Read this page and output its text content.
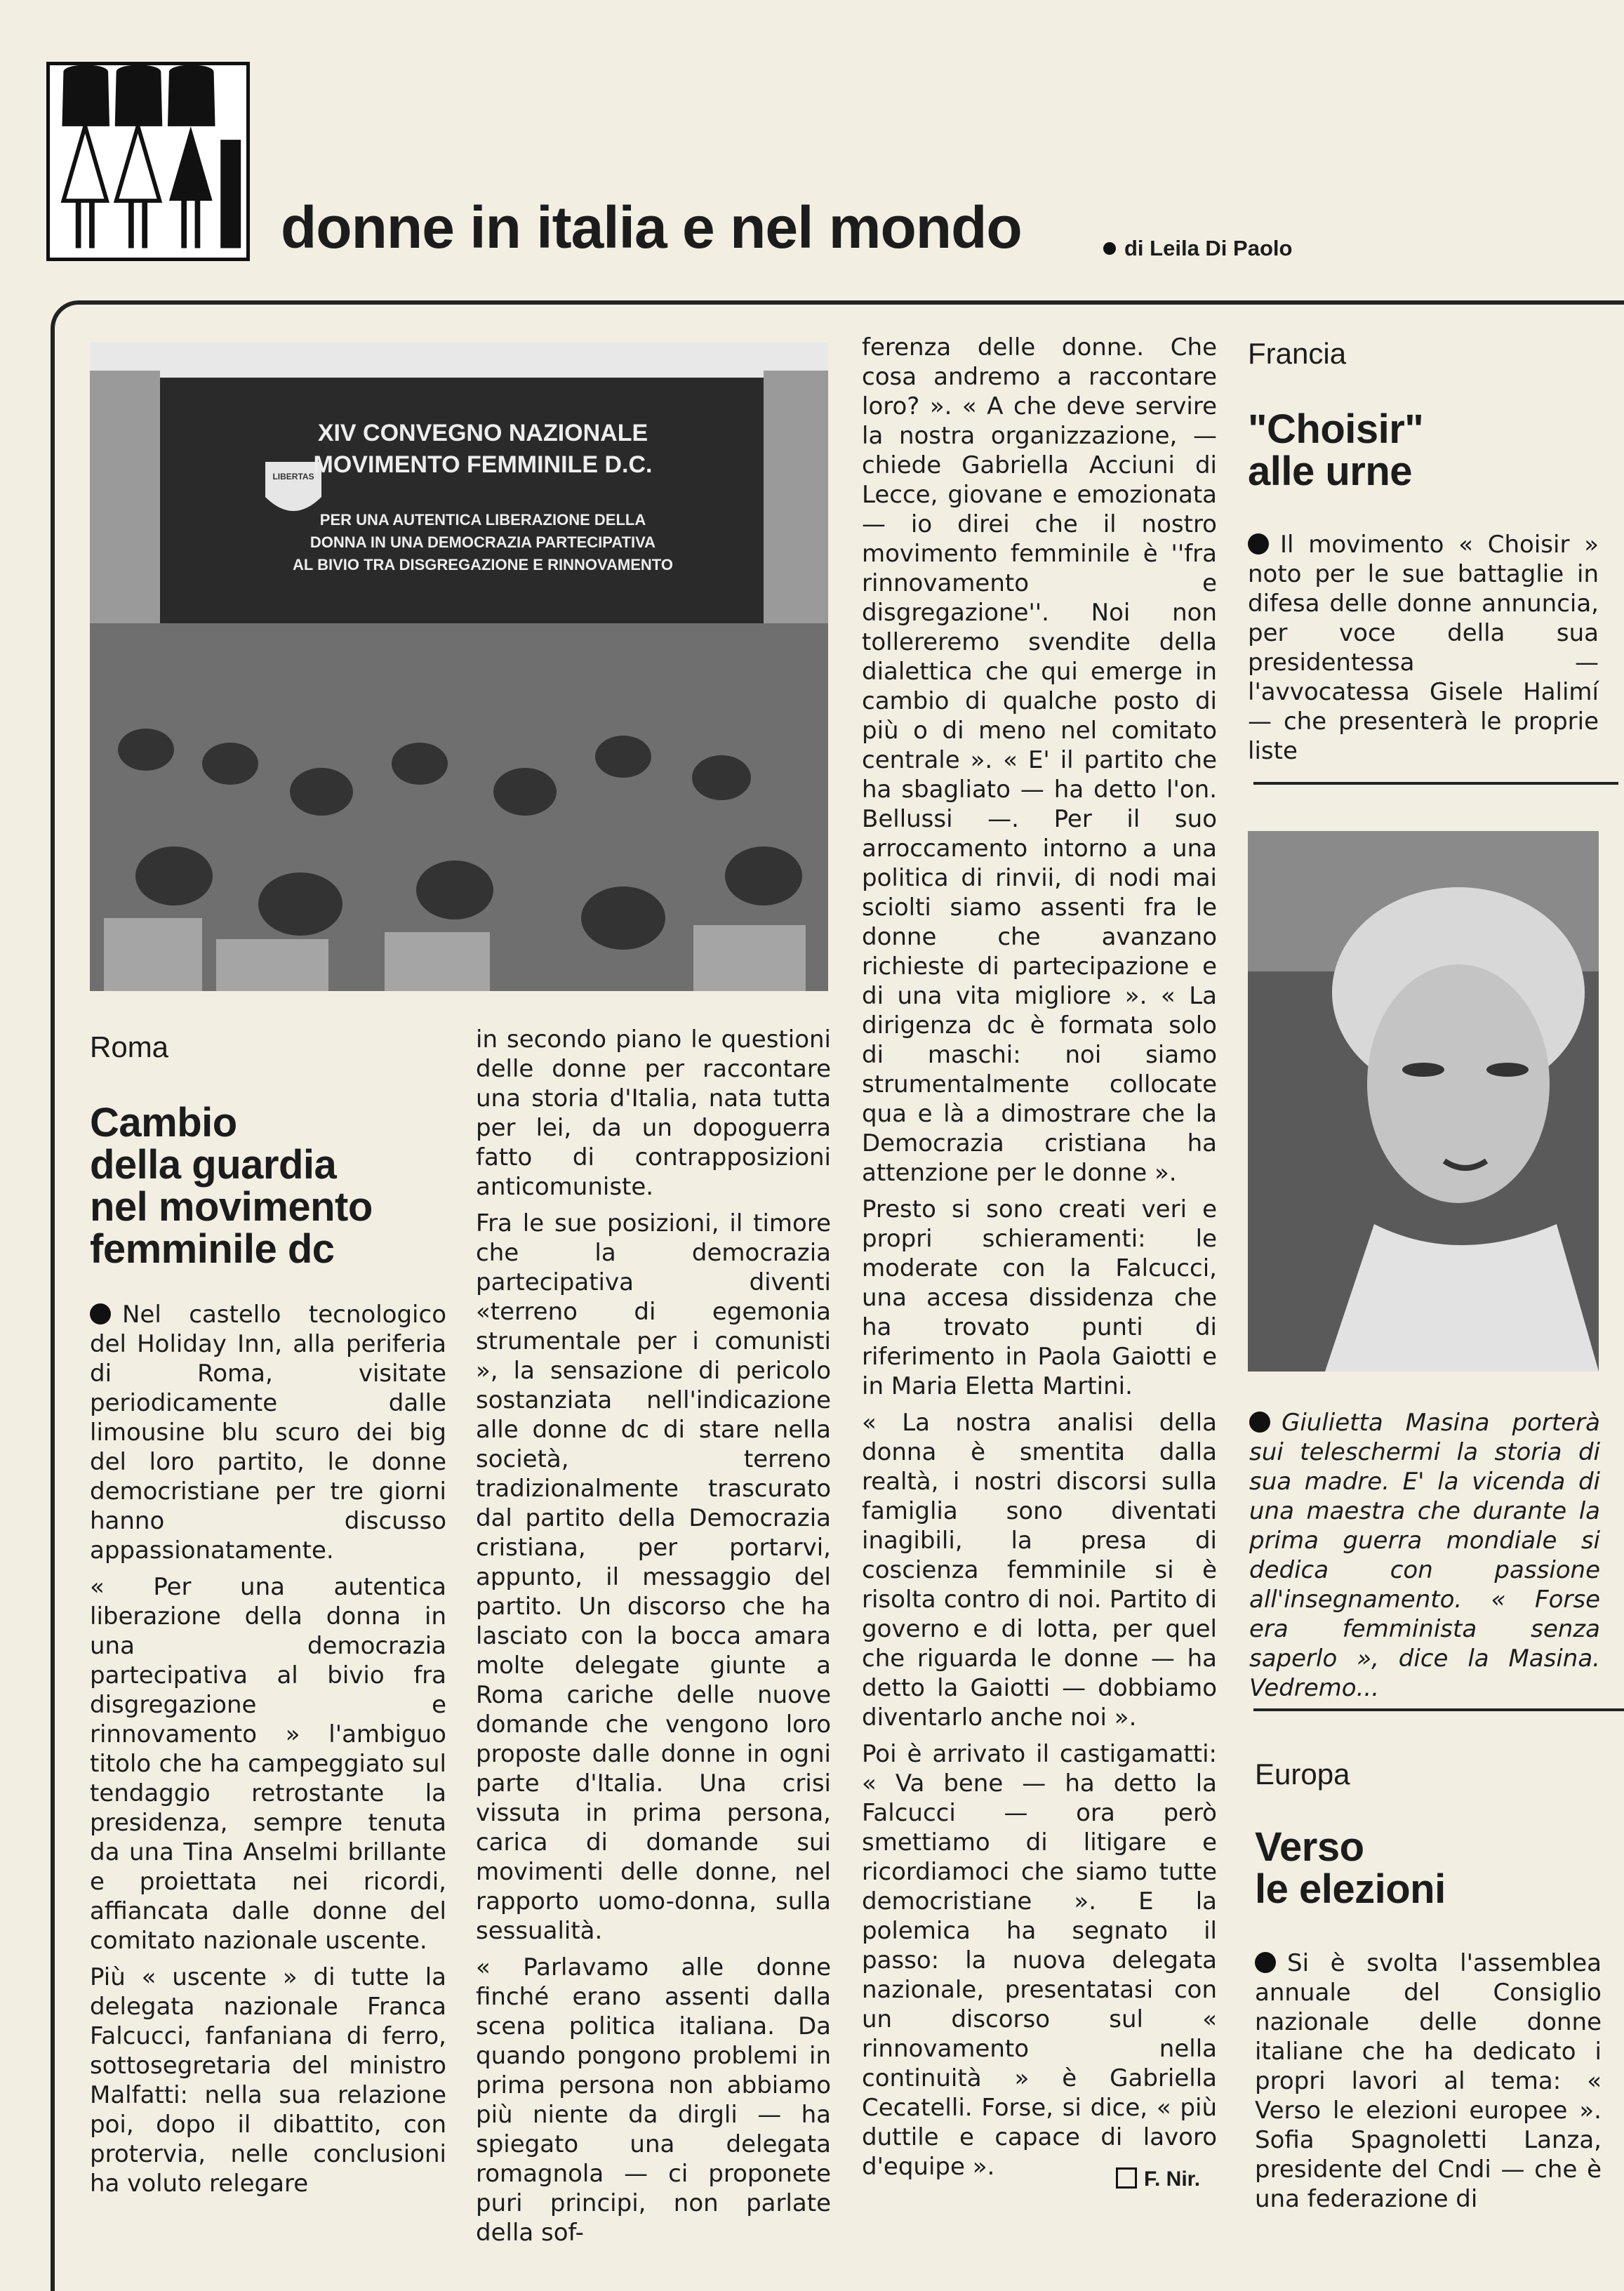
donne in italia e nel mondo	di Leila Di Paolo
XIV CONVEGNO NAZIONALE
MOVIMENTO FEMMINILE D.C.
PER UNA AUTENTICA LIBERAZIONE DELLA
DONNA IN UNA DEMOCRAZIA PARTECIPATIVA
AL BIVIO TRA DISGREGAZIONE E RINNOVAMENTO
LIBERTAS
Roma
Cambio
della guardia
nel movimento
femminile dc

Nel castello tecnologico del Holiday Inn, alla periferia di Roma, visitate periodicamente dalle limousine blu scuro dei big del loro partito, le donne democristiane per tre giorni hanno discusso appassionatamente.

« Per una autentica liberazione della donna in una democrazia partecipativa al bivio fra disgregazione e rinnovamento » l'ambiguo titolo che ha campeggiato sul tendaggio retrostante la presidenza, sempre tenuta da una Tina Anselmi brillante e proiettata nei ricordi, affiancata dalle donne del comitato nazionale uscente.

Più « uscente » di tutte la delegata nazionale Franca Falcucci, fanfaniana di ferro, sottosegretaria del ministro Malfatti: nella sua relazione poi, dopo il dibattito, con protervia, nelle conclusioni ha voluto relegare

in secondo piano le questioni delle donne per raccontare una storia d'Italia, nata tutta per lei, da un dopoguerra fatto di contrapposizioni anticomuniste.

Fra le sue posizioni, il timore che la democrazia partecipativa diventi «terreno di egemonia strumentale per i comunisti », la sensazione di pericolo sostanziata nell'indicazione alle donne dc di stare nella società, terreno tradizionalmente trascurato dal partito della Democrazia cristiana, per portarvi, appunto, il messaggio del partito. Un discorso che ha lasciato con la bocca amara molte delegate giunte a Roma cariche delle nuove domande che vengono loro proposte dalle donne in ogni parte d'Italia. Una crisi vissuta in prima persona, carica di domande sui movimenti delle donne, nel rapporto uomo-donna, sulla sessualità.

« Parlavamo alle donne finché erano assenti dalla scena politica italiana. Da quando pongono problemi in prima persona non abbiamo più niente da dirgli — ha spiegato una delegata romagnola — ci proponete puri principi, non parlate della sof-

ferenza delle donne. Che cosa andremo a raccontare loro? ». « A che deve servire la nostra organizzazione, — chiede Gabriella Acciuni di Lecce, giovane e emozionata — io direi che il nostro movimento femminile è ''fra rinnovamento e disgregazione''. Noi non tollereremo svendite della dialettica che qui emerge in cambio di qualche posto di più o di meno nel comitato centrale ». « E' il partito che ha sbagliato — ha detto l'on. Bellussi —. Per il suo arroccamento intorno a una politica di rinvii, di nodi mai sciolti siamo assenti fra le donne che avanzano richieste di partecipazione e di una vita migliore ». « La dirigenza dc è formata solo di maschi: noi siamo strumentalmente collocate qua e là a dimostrare che la Democrazia cristiana ha attenzione per le donne ».

Presto si sono creati veri e propri schieramenti: le moderate con la Falcucci, una accesa dissidenza che ha trovato punti di riferimento in Paola Gaiotti e in Maria Eletta Martini.

« La nostra analisi della donna è smentita dalla realtà, i nostri discorsi sulla famiglia sono diventati inagibili, la presa di coscienza femminile si è risolta contro di noi. Partito di governo e di lotta, per quel che riguarda le donne — ha detto la Gaiotti — dobbiamo diventarlo anche noi ».

Poi è arrivato il castigamatti: « Va bene — ha detto la Falcucci — ora però smettiamo di litigare e ricordiamoci che siamo tutte democristiane ». E la polemica ha segnato il passo: la nuova delegata nazionale, presentatasi con un discorso sul « rinnovamento nella continuità » è Gabriella Cecatelli. Forse, si dice, « più duttile e capace di lavoro d'equipe ».	F. Nir.
Francia
"Choisir"
alle urne

Il movimento « Choisir » noto per le sue battaglie in difesa delle donne annuncia, per voce della sua presidentessa — l'avvocatessa Gisele Halimí — che presenterà le proprie liste

Giulietta Masina porterà sui teleschermi la storia di sua madre. E' la vicenda di una maestra che durante la prima guerra mondiale si dedica con passione all'insegnamento. « Forse era femminista senza saperlo », dice la Masina. Vedremo...

Europa
Verso
le elezioni

Si è svolta l'assemblea annuale del Consiglio nazionale delle donne italiane che ha dedicato i propri lavori al tema: « Verso le elezioni europee ». Sofia Spagnoletti Lanza, presidente del Cndi — che è una federazione di
